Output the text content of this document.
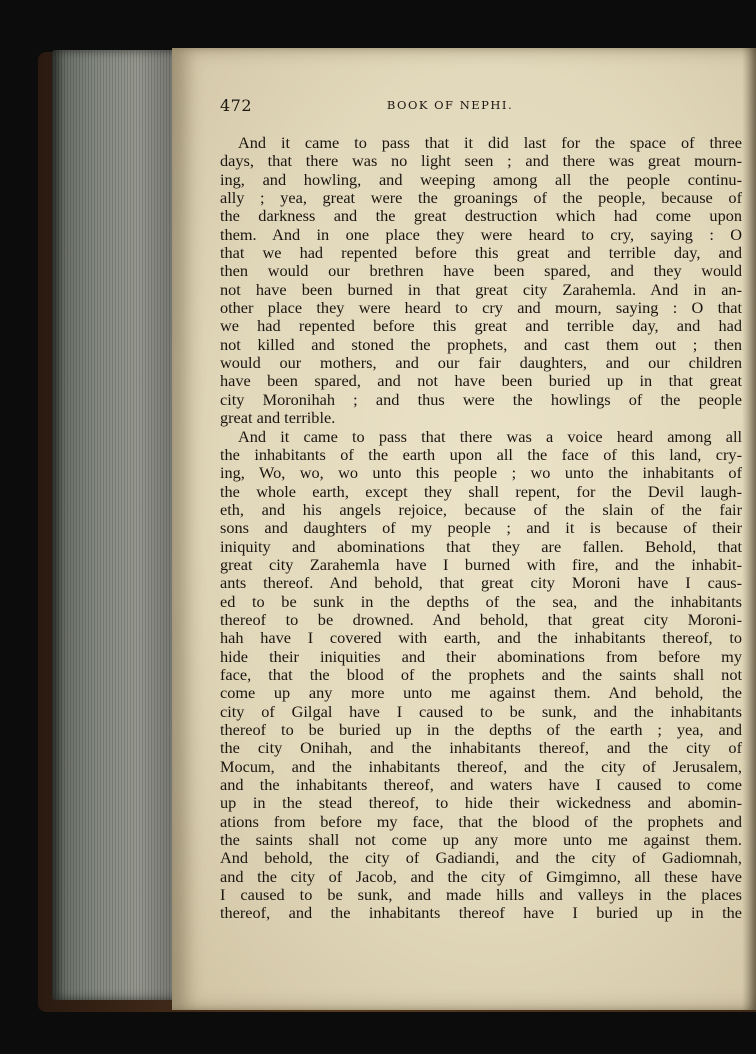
472	BOOK OF NEPHI.
And it came to pass that it did last for the space of three
days, that there was no light seen ; and there was great mourn-
ing, and howling, and weeping among all the people continu-
ally ; yea, great were the groanings of the people, because of
the darkness and the great destruction which had come upon
them. And in one place they were heard to cry, saying : O
that we had repented before this great and terrible day, and
then would our brethren have been spared, and they would
not have been burned in that great city Zarahemla. And in an-
other place they were heard to cry and mourn, saying : O that
we had repented before this great and terrible day, and had
not killed and stoned the prophets, and cast them out ; then
would our mothers, and our fair daughters, and our children
have been spared, and not have been buried up in that great
city Moronihah ; and thus were the howlings of the people
great and terrible.
And it came to pass that there was a voice heard among all
the inhabitants of the earth upon all the face of this land, cry-
ing, Wo, wo, wo unto this people ; wo unto the inhabitants of
the whole earth, except they shall repent, for the Devil laugh-
eth, and his angels rejoice, because of the slain of the fair
sons and daughters of my people ; and it is because of their
iniquity and abominations that they are fallen. Behold, that
great city Zarahemla have I burned with fire, and the inhabit-
ants thereof. And behold, that great city Moroni have I caus-
ed to be sunk in the depths of the sea, and the inhabitants
thereof to be drowned. And behold, that great city Moroni-
hah have I covered with earth, and the inhabitants thereof, to
hide their iniquities and their abominations from before my
face, that the blood of the prophets and the saints shall not
come up any more unto me against them. And behold, the
city of Gilgal have I caused to be sunk, and the inhabitants
thereof to be buried up in the depths of the earth ; yea, and
the city Onihah, and the inhabitants thereof, and the city of
Mocum, and the inhabitants thereof, and the city of Jerusalem,
and the inhabitants thereof, and waters have I caused to come
up in the stead thereof, to hide their wickedness and abomin-
ations from before my face, that the blood of the prophets and
the saints shall not come up any more unto me against them.
And behold, the city of Gadiandi, and the city of Gadiomnah,
and the city of Jacob, and the city of Gimgimno, all these have
I caused to be sunk, and made hills and valleys in the places
thereof, and the inhabitants thereof have I buried up in the
